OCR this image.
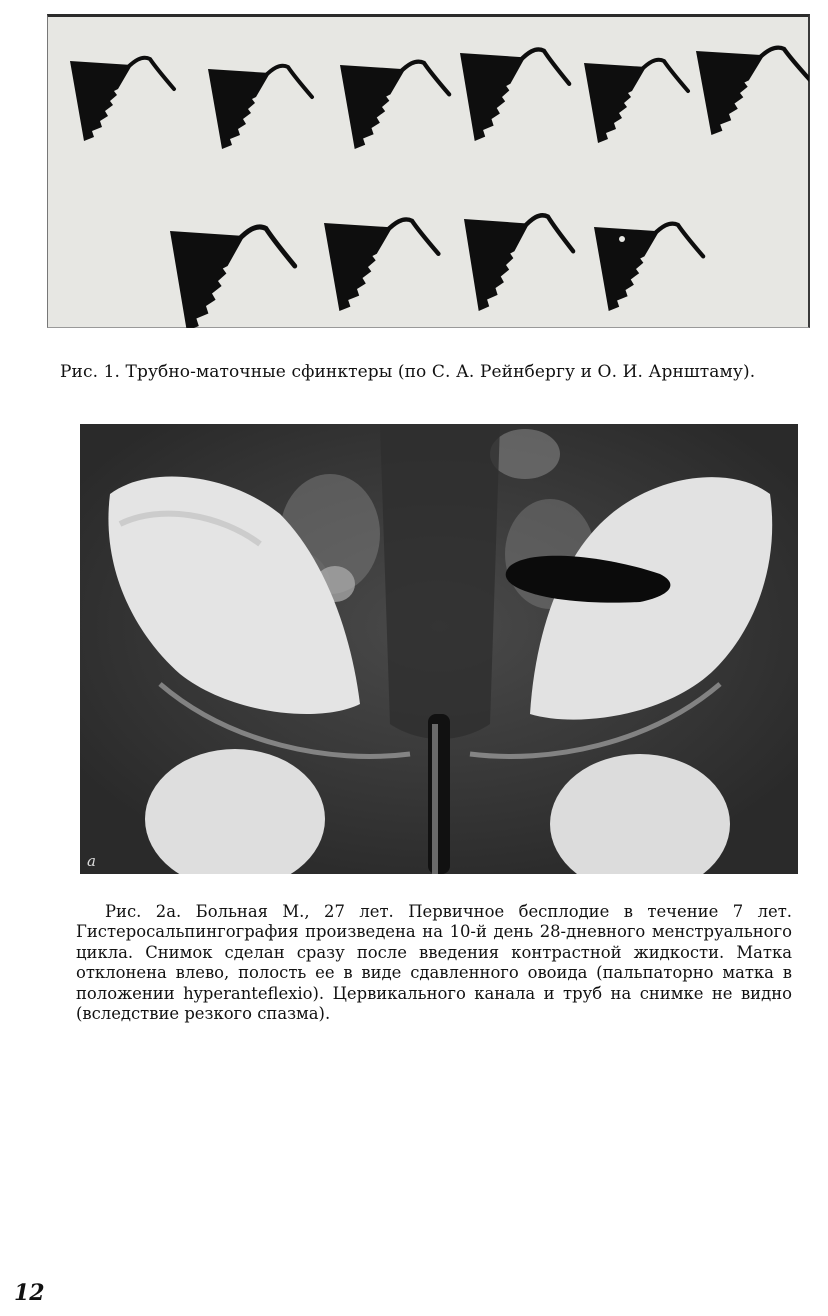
Рис. 1. Трубно-маточные сфинктеры (по С. А. Рейнбергу и О. И. Арнштаму).
a
Рис. 2а. Больная М., 27 лет. Первичное бесплодие в течение 7 лет. Гистеросальпингография произведена на 10-й день 28-дневного менструального цикла. Снимок сделан сразу после введения контрастной жидкости. Матка отклонена влево, полость ее в виде сдавленного овоида (пальпаторно матка в положении hyperanteflexio). Цервикального канала и труб на снимке не видно (вследствие резкого спазма).
12
